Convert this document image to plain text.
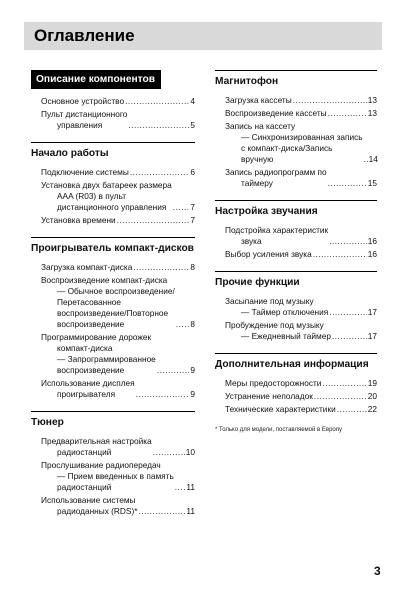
Оглавление
Описание компонентов
Основное устройство .....	4
Пульт дистанционного
управления .....	5
Начало работы
Подключение системы .....	6
Установка двух батареек размера
AAA (R03) в пульт
дистанционного управления .....	7
Установка времени .....	7
Проигрыватель компакт-дисков
Загрузка компакт-диска .....	8
Воспроизведение компакт-диска
— Обычное воспроизведение/
Перетасованное
воспроизведение/Повторное
воспроизведение .....	8
Программирование дорожек
компакт-диска
— Запрограммированное
воспроизведение .....	9
Использование дисплея
проигрывателя .....	9
Тюнер
Предварительная настройка
радиостанций .....	10
Прослушивание радиопередач
— Прием введенных в память
радиостанций .....	11
Использование системы
радиоданных (RDS)* .....	11
Магнитофон
Загрузка кассеты .....	13
Воспроизведение кассеты .....	13
Запись на кассету
— Синхронизированная запись
с компакт-диска/Запись
вручную .....	14
Запись радиопрограмм по
таймеру .....	15
Настройка звучания
Подстройка характеристик
звука .....	16
Выбор усиления звука .....	16
Прочие функции
Засыпание под музыку
— Таймер отключения .....	17
Пробуждение под музыку
— Ежедневный таймер .....	17
Дополнительная информация
Меры предосторожности .....	19
Устранение неполадок .....	20
Технические характеристики .....	22
* Только для модели, поставляемой в Европу
3
